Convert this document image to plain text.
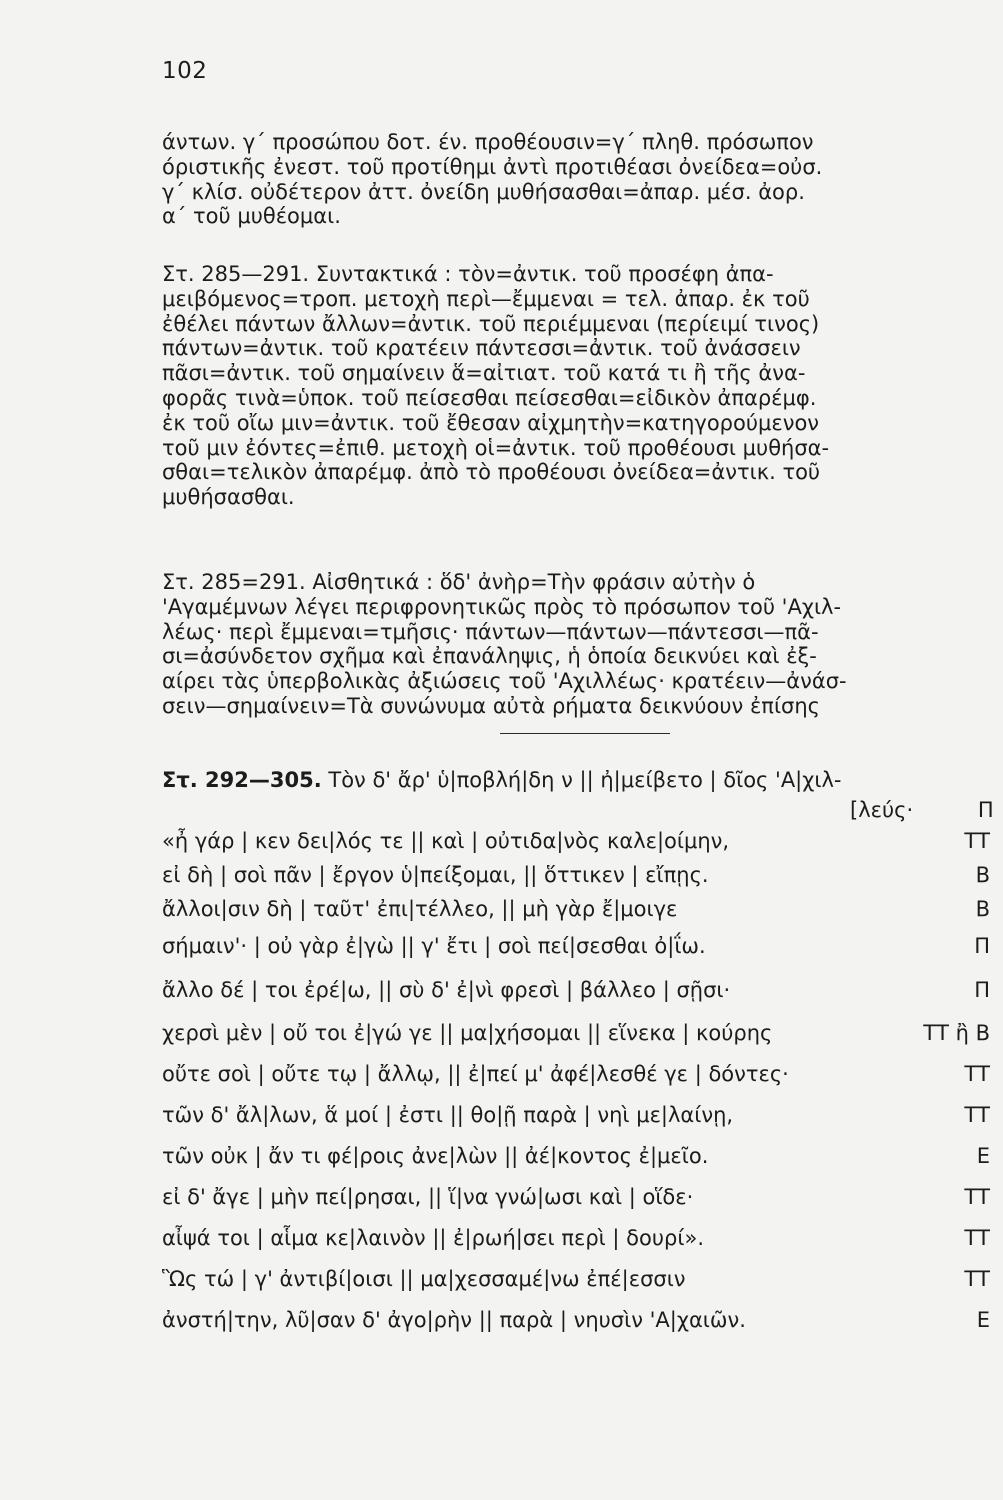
102
άντων. γ΄ προσώπου δοτ. έν. προθέουσιν=γ΄ πληθ. πρόσωπον
όριστικῆς ἐνεστ. τοῦ προτίθημι ἀντὶ προτιθέασι ὀνείδεα=οὐσ.
γ΄ κλίσ. οὐδέτερον ἀττ. ὀνείδη μυθήσασθαι=ἀπαρ. μέσ. ἀορ.
α΄ τοῦ μυθέομαι.
Στ. 285—291. Συντακτικά : τὸν=ἀντικ. τοῦ προσέφη ἀπα-
μειβόμενος=τροπ. μετοχὴ περὶ—ἔμμεναι = τελ. ἀπαρ. ἐκ τοῦ
ἐθέλει πάντων ἄλλων=ἀντικ. τοῦ περιέμμεναι (περίειμί τινος)
πάντων=ἀντικ. τοῦ κρατέειν πάντεσσι=ἀντικ. τοῦ ἀνάσσειν
πᾶσι=ἀντικ. τοῦ σημαίνειν ἅ=αἰτιατ. τοῦ κατά τι ἢ τῆς ἀνα-
φορᾶς τινὰ=ὑποκ. τοῦ πείσεσθαι πείσεσθαι=εἰδικὸν ἀπαρέμφ.
ἐκ τοῦ οἴω μιν=ἀντικ. τοῦ ἔθεσαν αἰχμητὴν=κατηγορούμενον
τοῦ μιν ἐόντες=ἐπιθ. μετοχὴ οἱ=ἀντικ. τοῦ προθέουσι μυθήσα-
σθαι=τελικὸν ἀπαρέμφ. ἀπὸ τὸ προθέουσι ὀνείδεα=ἀντικ. τοῦ
μυθήσασθαι.
Στ. 285=291. Αἰσθητικά : ὅδ' ἀνὴρ=Τὴν φράσιν αὐτὴν ὁ
'Αγαμέμνων λέγει περιφρονητικῶς πρὸς τὸ πρόσωπον τοῦ 'Αχιλ-
λέως· περὶ ἔμμεναι=τμῆσις· πάντων—πάντων—πάντεσσι—πᾶ-
σι=ἀσύνδετον σχῆμα καὶ ἐπανάληψις, ἡ ὁποία δεικνύει καὶ ἐξ-
αίρει τὰς ὑπερβολικὰς ἀξιώσεις τοῦ 'Αχιλλέως· κρατέειν—ἀνάσ-
σειν—σημαίνειν=Τὰ συνώνυμα αὐτὰ ρήματα δεικνύουν ἐπίσης
Στ. 292—305. Τὸν δ' ἄρ' ὑ|ποβλή|δη ν || ἠ|μείβετο | δῖος 'Α|χιλ-
[λεύς·	Π
«ἦ γάρ | κεν δει|λός τε || καὶ | οὐτιδα|νὸς καλε|οίμην,	ΤΤ
εἰ δὴ | σοὶ πᾶν | ἔργον ὑ|πείξομαι, || ὅττικεν | εἴπῃς.	Β
ἄλλοι|σιν δὴ | ταῦτ' ἐπι|τέλλεο, || μὴ γὰρ ἔ|μοιγε	Β
σήμαιν'· | οὐ γὰρ ἐ|γὼ || γ' ἔτι | σοὶ πεί|σεσθαι ὀ|ΐω.	Π
ἄλλο δέ | τοι ἐρέ|ω, || σὺ δ' ἐ|νὶ φρεσὶ | βάλλεο | σῇσι·	Π
χερσὶ μὲν | οὔ τοι ἐ|γώ γε || μα|χήσομαι || εἵνεκα | κούρης	ΤΤ ἢ Β
οὔτε σοὶ | οὔτε τῳ | ἄλλῳ, || ἐ|πεί μ' ἀφέ|λεσθέ γε | δόντες·	ΤΤ
τῶν δ' ἄλ|λων, ἅ μοί | ἐστι || θο|ῇ παρὰ | νηὶ με|λαίνῃ,	ΤΤ
τῶν οὐκ | ἄν τι φέ|ροις ἀνε|λὼν || ἀέ|κοντος ἐ|μεῖο.	Ε
εἰ δ' ἄγε | μὴν πεί|ρησαι, || ἵ|να γνώ|ωσι καὶ | οἵδε·	ΤΤ
αἶψά τοι | αἷμα κε|λαινὸν || ἐ|ρωή|σει περὶ | δουρί».	ΤΤ
Ὣς τώ | γ' ἀντιβί|οισι || μα|χεσσαμέ|νω ἐπέ|εσσιν	ΤΤ
ἀνστή|την, λῦ|σαν δ' ἀγο|ρὴν || παρὰ | νηυσὶν 'Α|χαιῶν.	Ε
